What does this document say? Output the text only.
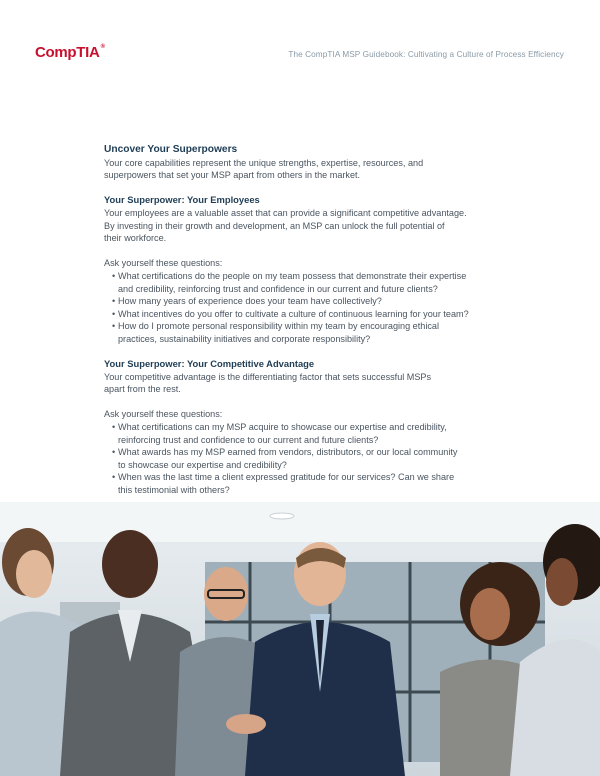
CompTIA®
The CompTIA MSP Guidebook: Cultivating a Culture of Process Efficiency
Uncover Your Superpowers
Your core capabilities represent the unique strengths, expertise, resources, and
superpowers that set your MSP apart from others in the market.
Your Superpower: Your Employees
Your employees are a valuable asset that can provide a significant competitive advantage.
By investing in their growth and development, an MSP can unlock the full potential of
their workforce.
Ask yourself these questions:
• What certifications do the people on my team possess that demonstrate their expertise
and credibility, reinforcing trust and confidence in our current and future clients?
• How many years of experience does your team have collectively?
• What incentives do you offer to cultivate a culture of continuous learning for your team?
• How do I promote personal responsibility within my team by encouraging ethical
practices, sustainability initiatives and corporate responsibility?
Your Superpower: Your Competitive Advantage
Your competitive advantage is the differentiating factor that sets successful MSPs
apart from the rest.
Ask yourself these questions:
• What certifications can my MSP acquire to showcase our expertise and credibility,
reinforcing trust and confidence to our current and future clients?
• What awards has my MSP earned from vendors, distributors, or our local community
to showcase our expertise and credibility?
• When was the last time a client expressed gratitude for our services? Can we share
this testimonial with others?
